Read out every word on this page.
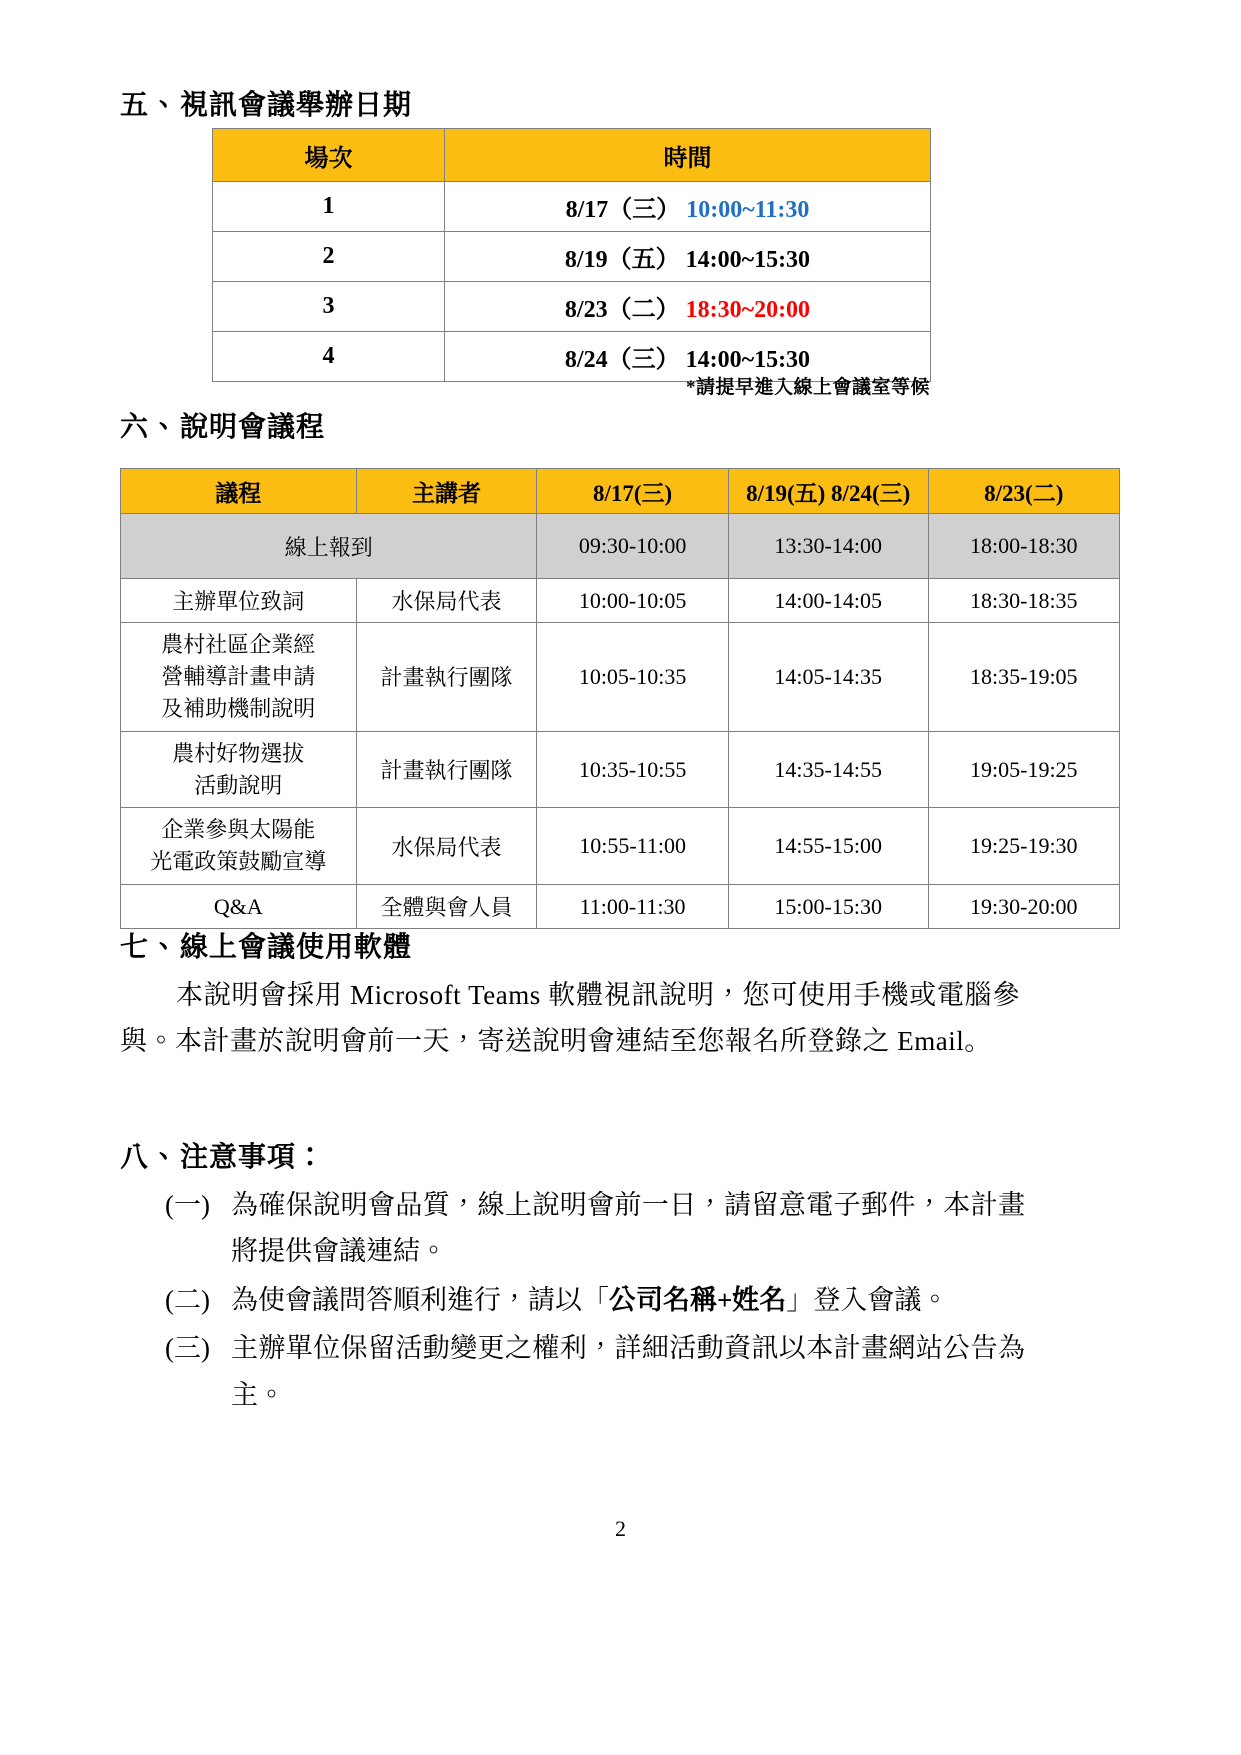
五、視訊會議舉辦日期
場次	時間
1	8/17（三） 10:00~11:30
2	8/19（五） 14:00~15:30
3	8/23（二） 18:30~20:00
4	8/24（三） 14:00~15:30
*請提早進入線上會議室等候
六、說明會議程
議程	主講者	8/17(三)	8/19(五) 8/24(三)	8/23(二)
線上報到		09:30-10:00	13:30-14:00	18:00-18:30
主辦單位致詞	水保局代表	10:00-10:05	14:00-14:05	18:30-18:35

農村社區企業經
營輔導計畫申請
及補助機制說明	計畫執行團隊	10:05-10:35	14:05-14:35	18:35-19:05

農村好物選拔
活動說明	計畫執行團隊	10:35-10:55	14:35-14:55	19:05-19:25

企業參與太陽能
光電政策鼓勵宣導	水保局代表	10:55-11:00	14:55-15:00	19:25-19:30
Q&A	全體與會人員	11:00-11:30	15:00-15:30	19:30-20:00
七、線上會議使用軟體
本說明會採用 Microsoft Teams 軟體視訊說明，您可使用手機或電腦參與。本計畫於說明會前一天，寄送說明會連結至您報名所登錄之 Email。
八、注意事項：
(一) 為確保說明會品質，線上說明會前一日，請留意電子郵件，本計畫將提供會議連結。
(二) 為使會議問答順利進行，請以「公司名稱+姓名」登入會議。
(三) 主辦單位保留活動變更之權利，詳細活動資訊以本計畫網站公告為主。
2
